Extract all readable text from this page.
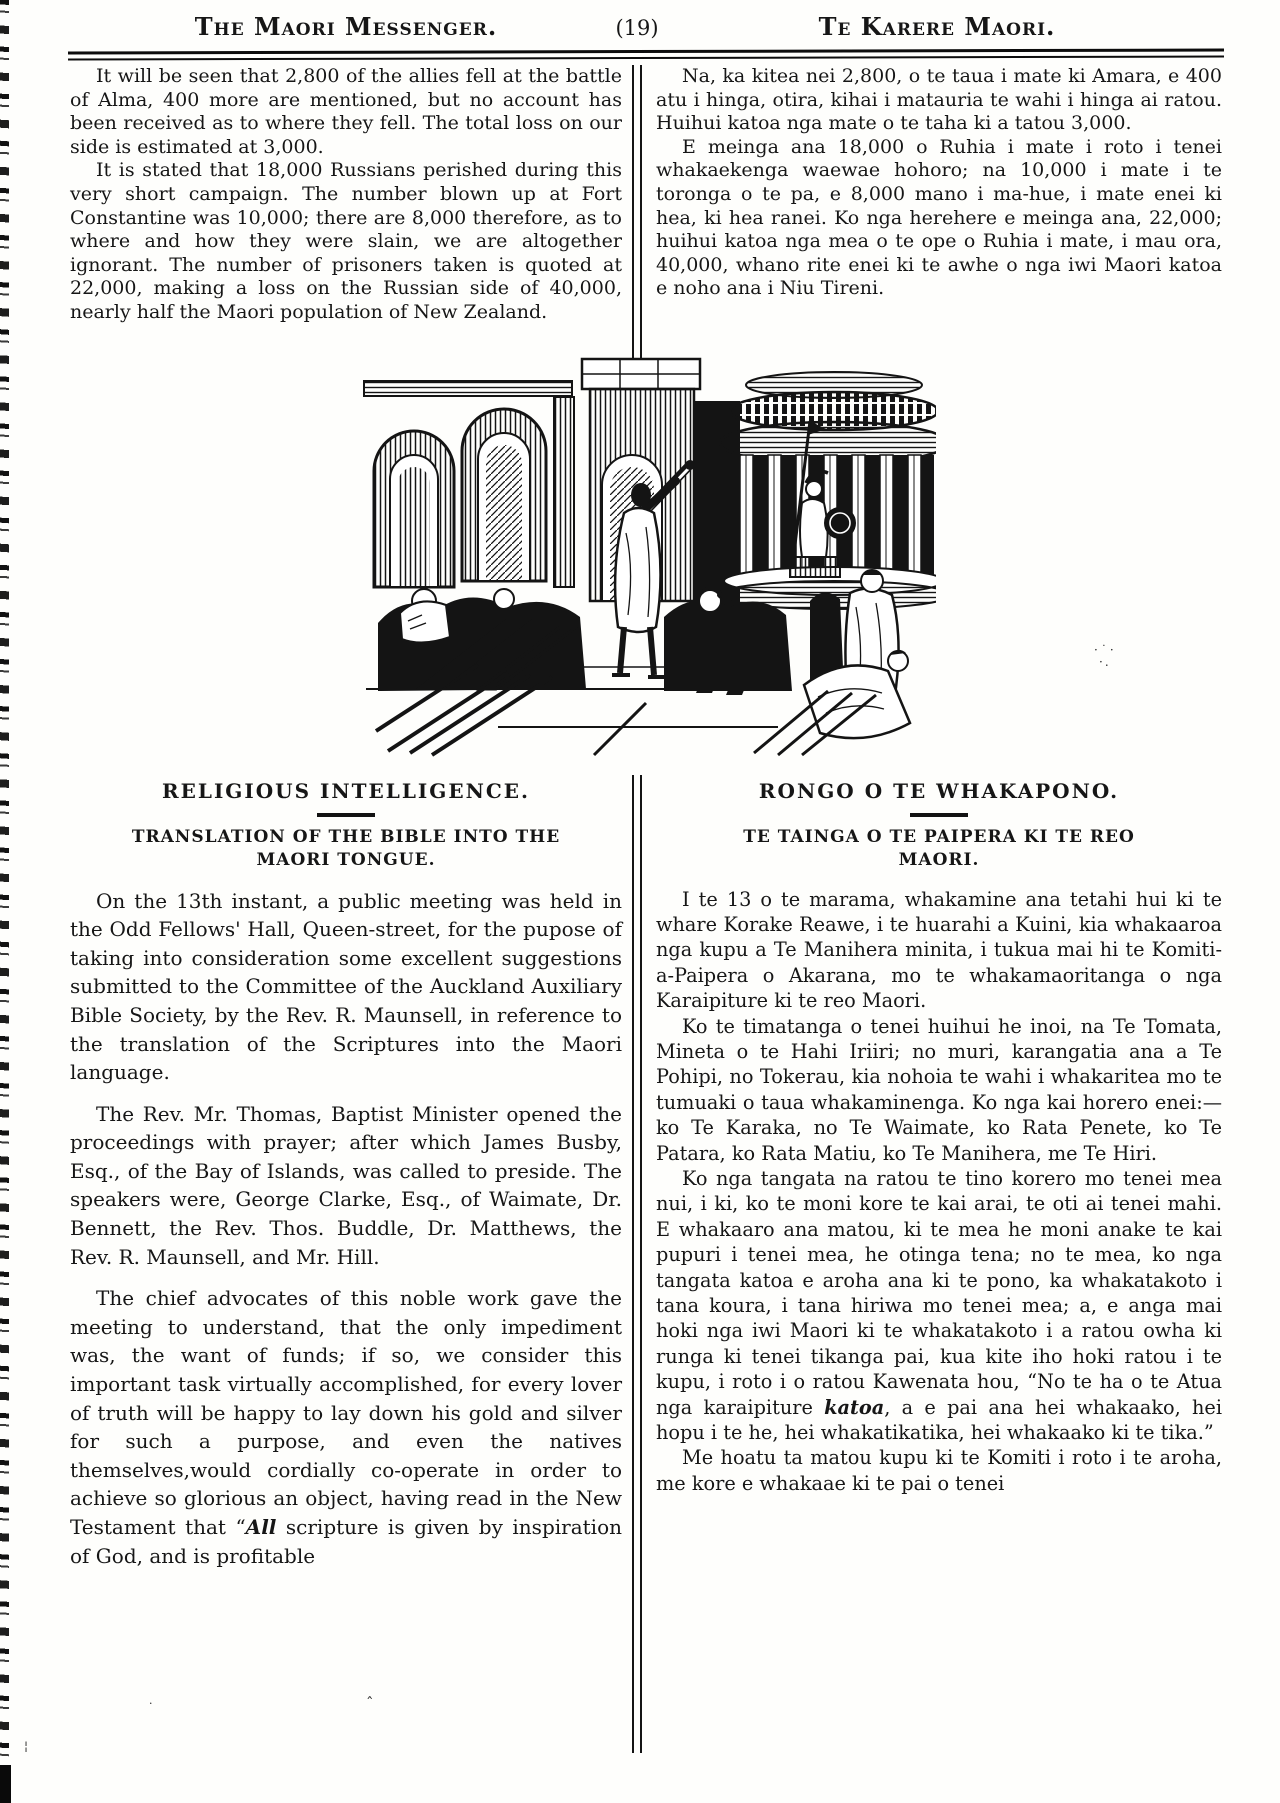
The Maori Messenger.	(19)	Te Karere Maori.

It will be seen that 2,800 of the allies fell at the battle of Alma, 400 more are mentioned, but no account has been received as to where they fell. The total loss on our side is estimated at 3,000.

It is stated that 18,000 Russians perished during this very short campaign. The number blown up at Fort Constantine was 10,000; there are 8,000 therefore, as to where and how they were slain, we are altogether ignorant. The number of prisoners taken is quoted at 22,000, making a loss on the Russian side of 40,000, nearly half the Maori population of New Zealand.

Na, ka kitea nei 2,800, o te taua i mate ki Amara, e 400 atu i hinga, otira, kihai i matauria te wahi i hinga ai ratou. Huihui katoa nga mate o te taha ki a tatou 3,000.

E meinga ana 18,000 o Ruhia i mate i roto i tenei whakaekenga waewae hohoro; na 10,000 i mate i te toronga o te pa, e 8,000 mano i ma-hue, i mate enei ki hea, ki hea ranei. Ko nga herehere e meinga ana, 22,000; huihui katoa nga mea o te ope o Ruhia i mate, i mau ora, 40,000, whano rite enei ki te awhe o nga iwi Maori katoa e noho ana i Niu Tireni.

RELIGIOUS INTELLIGENCE.
TRANSLATION OF THE BIBLE INTO THE
MAORI TONGUE.

On the 13th instant, a public meeting was held in the Odd Fellows' Hall, Queen-street, for the pupose of taking into consideration some excellent suggestions submitted to the Committee of the Auckland Auxiliary Bible Society, by the Rev. R. Maunsell, in reference to the translation of the Scriptures into the Maori language.

The Rev. Mr. Thomas, Baptist Minister opened the proceedings with prayer; after which James Busby, Esq., of the Bay of Islands, was called to preside. The speakers were, George Clarke, Esq., of Waimate, Dr. Bennett, the Rev. Thos. Buddle, Dr. Matthews, the Rev. R. Maunsell, and Mr. Hill.

The chief advocates of this noble work gave the meeting to understand, that the only impediment was, the want of funds; if so, we consider this important task virtually accomplished, for every lover of truth will be happy to lay down his gold and silver for such a purpose, and even the natives themselves,would cordially co-operate in order to achieve so glorious an object, having read in the New Testament that “All scripture is given by inspiration of God, and is profitable

RONGO O TE WHAKAPONO.
TE TAINGA O TE PAIPERA KI TE REO
MAORI.

I te 13 o te marama, whakamine ana tetahi hui ki te whare Korake Reawe, i te huarahi a Kuini, kia whakaaroa nga kupu a Te Manihera minita, i tukua mai hi te Komiti-a-Paipera o Akarana, mo te whakamaoritanga o nga Karaipiture ki te reo Maori.

Ko te timatanga o tenei huihui he inoi, na Te Tomata, Mineta o te Hahi Iriiri; no muri, karangatia ana a Te Pohipi, no Tokerau, kia nohoia te wahi i whakaritea mo te tumuaki o taua whakaminenga. Ko nga kai horero enei:—ko Te Karaka, no Te Waimate, ko Rata Penete, ko Te Patara, ko Rata Matiu, ko Te Manihera, me Te Hiri.

Ko nga tangata na ratou te tino korero mo tenei mea nui, i ki, ko te moni kore te kai arai, te oti ai tenei mahi. E whakaaro ana matou, ki te mea he moni anake te kai pupuri i tenei mea, he otinga tena; no te mea, ko nga tangata katoa e aroha ana ki te pono, ka whakatakoto i tana koura, i tana hiriwa mo tenei mea; a, e anga mai hoki nga iwi Maori ki te whakatakoto i a ratou owha ki runga ki tenei tikanga pai, kua kite iho hoki ratou i te kupu, i roto i o ratou Kawenata hou, “No te ha o te Atua nga karaipiture katoa, a e pai ana hei whakaako, hei hopu i te he, hei whakatikatika, hei whakaako ki te tika.”

Me hoatu ta matou kupu ki te Komiti i roto i te aroha, me kore e whakaae ki te pai o tenei

ˆ
·
·˙·
·.
¦
